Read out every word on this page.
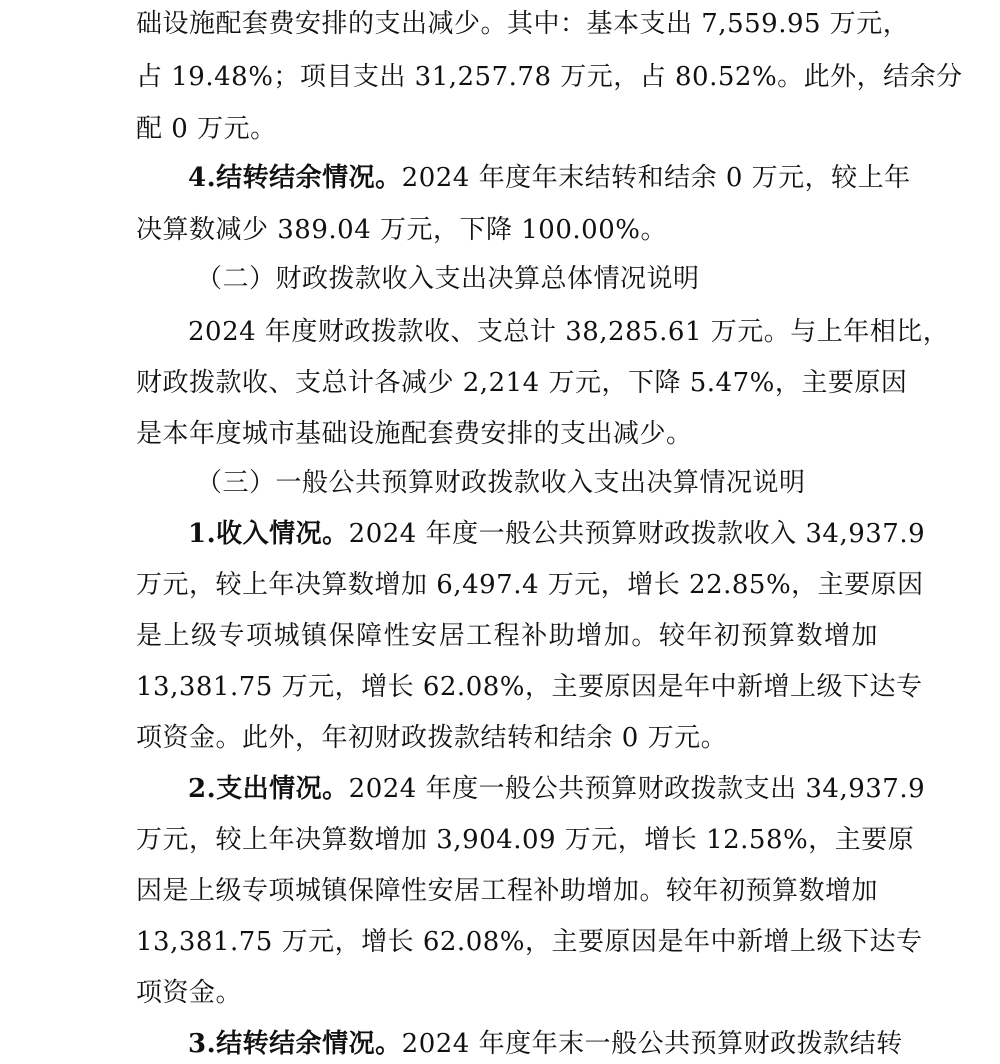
础设施配套费安排的支出减少。其中：基本支出 7,559.95 万元，
占 19.48%；项目支出 31,257.78 万元，占 80.52%。此外，结余分
配 0 万元。
4.结转结余情况。2024 年度年末结转和结余 0 万元，较上年
决算数减少 389.04 万元，下降 100.00%。
（二）财政拨款收入支出决算总体情况说明
2024 年度财政拨款收、支总计 38,285.61 万元。与上年相比，
财政拨款收、支总计各减少 2,214 万元，下降 5.47%，主要原因
是本年度城市基础设施配套费安排的支出减少。
（三）一般公共预算财政拨款收入支出决算情况说明
1.收入情况。2024 年度一般公共预算财政拨款收入 34,937.9
万元，较上年决算数增加 6,497.4 万元，增长 22.85%，主要原因
是上级专项城镇保障性安居工程补助增加。较年初预算数增加
13,381.75 万元，增长 62.08%，主要原因是年中新增上级下达专
项资金。此外，年初财政拨款结转和结余 0 万元。
2.支出情况。2024 年度一般公共预算财政拨款支出 34,937.9
万元，较上年决算数增加 3,904.09 万元，增长 12.58%，主要原
因是上级专项城镇保障性安居工程补助增加。较年初预算数增加
13,381.75 万元，增长 62.08%，主要原因是年中新增上级下达专
项资金。
3.结转结余情况。2024 年度年末一般公共预算财政拨款结转
